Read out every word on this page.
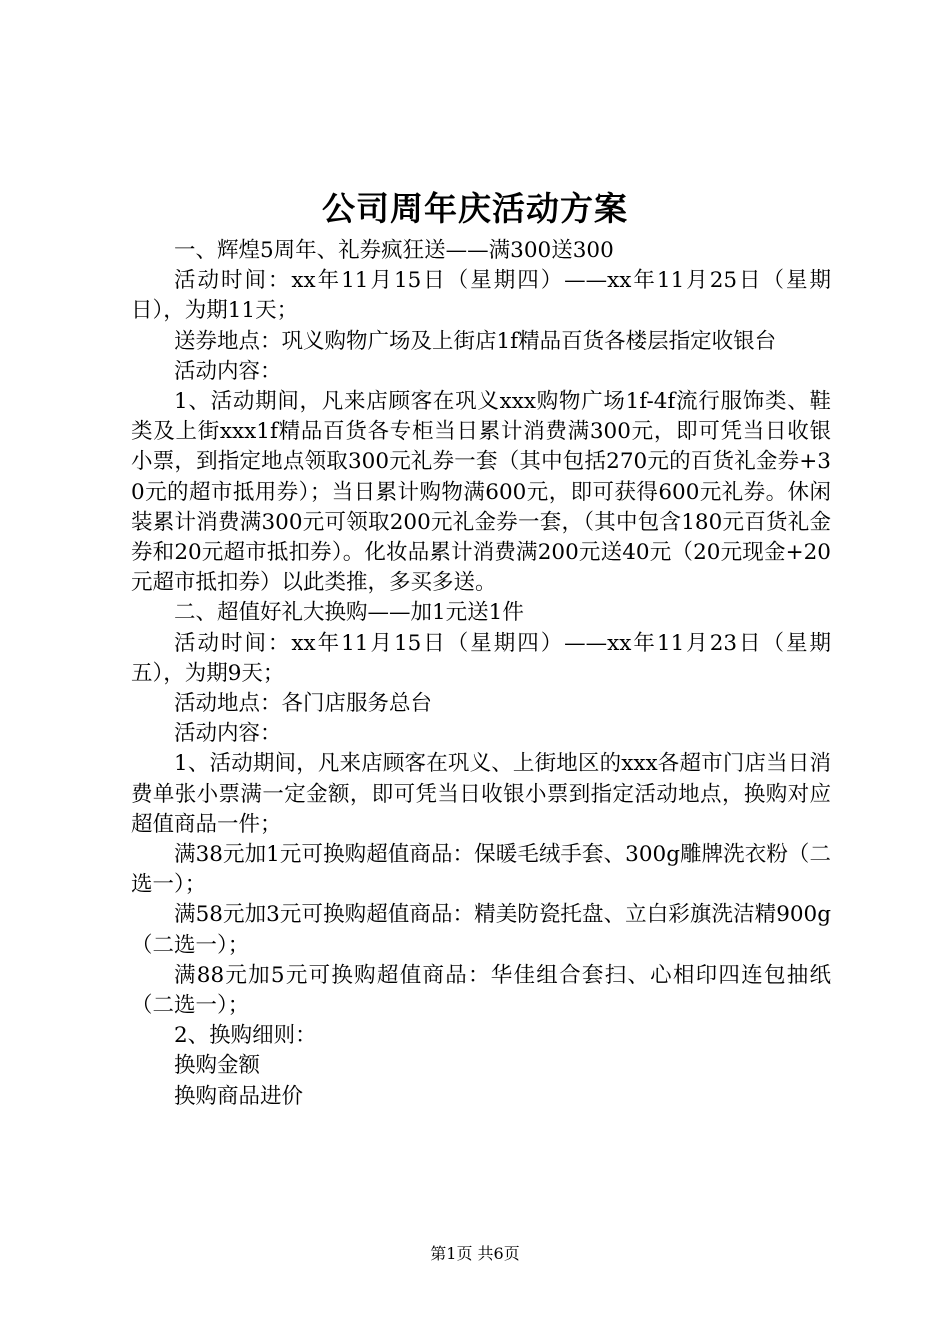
公司周年庆活动方案

一、辉煌5周年、礼券疯狂送——满300送300

活动时间：xx年11月15日（星期四）——xx年11月25日（星期日），为期11天；

送券地点：巩义购物广场及上街店1f精品百货各楼层指定收银台

活动内容：

1、活动期间，凡来店顾客在巩义xxx购物广场1f-4f流行服饰类、鞋类及上街xxx1f精品百货各专柜当日累计消费满300元，即可凭当日收银小票，到指定地点领取300元礼券一套（其中包括270元的百货礼金券+30元的超市抵用券）；当日累计购物满600元，即可获得600元礼券。休闲装累计消费满300元可领取200元礼金券一套，（其中包含180元百货礼金券和20元超市抵扣券）。化妆品累计消费满200元送40元（20元现金+20元超市抵扣券）以此类推，多买多送。

二、超值好礼大换购——加1元送1件

活动时间：xx年11月15日（星期四）——xx年11月23日（星期五），为期9天；

活动地点：各门店服务总台

活动内容：

1、活动期间，凡来店顾客在巩义、上街地区的xxx各超市门店当日消费单张小票满一定金额，即可凭当日收银小票到指定活动地点，换购对应超值商品一件；

满38元加1元可换购超值商品：保暖毛绒手套、300g雕牌洗衣粉（二选一）；

满58元加3元可换购超值商品：精美防瓷托盘、立白彩旗洗洁精900g（二选一）；

满88元加5元可换购超值商品：华佳组合套扫、心相印四连包抽纸（二选一）；

2、换购细则：

换购金额

换购商品进价

第1页 共6页
